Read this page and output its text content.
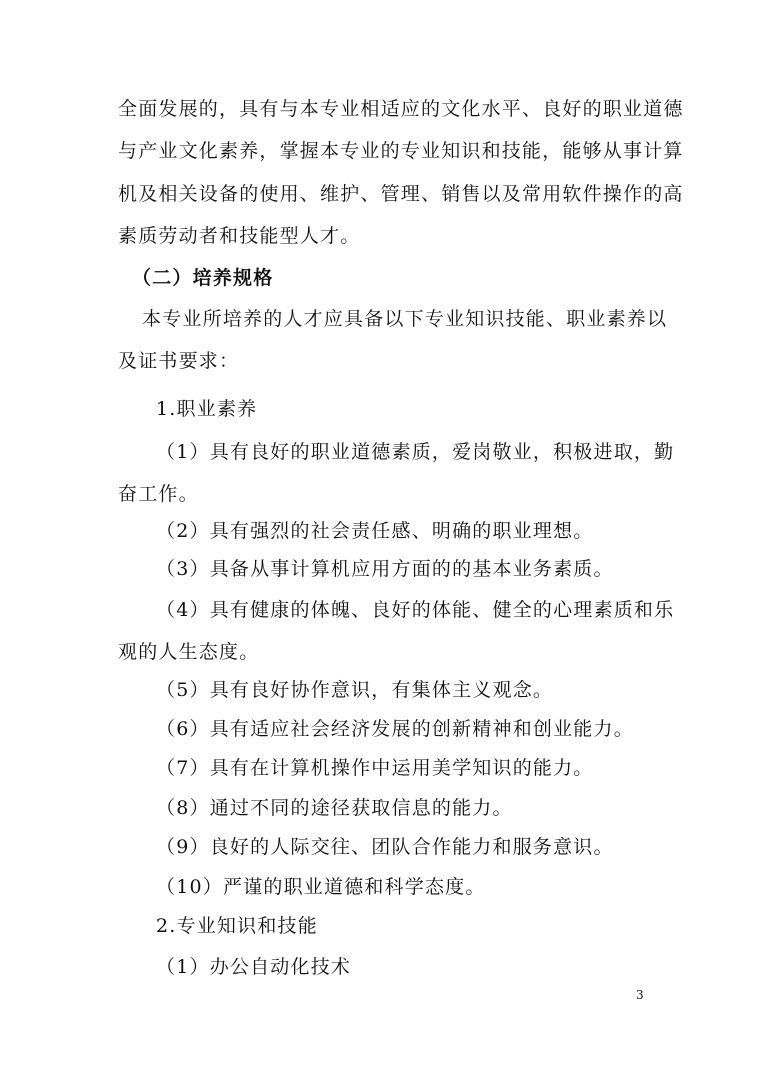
全面发展的，具有与本专业相适应的文化水平、良好的职业道德
与产业文化素养，掌握本专业的专业知识和技能，能够从事计算
机及相关设备的使用、维护、管理、销售以及常用软件操作的高
素质劳动者和技能型人才。
（二）培养规格
本专业所培养的人才应具备以下专业知识技能、职业素养以
及证书要求：
1.职业素养
（1）具有良好的职业道德素质，爱岗敬业，积极进取，勤
奋工作。
（2）具有强烈的社会责任感、明确的职业理想。
（3）具备从事计算机应用方面的的基本业务素质。
（4）具有健康的体魄、良好的体能、健全的心理素质和乐
观的人生态度。
（5）具有良好协作意识，有集体主义观念。
（6）具有适应社会经济发展的创新精神和创业能力。
（7）具有在计算机操作中运用美学知识的能力。
（8）通过不同的途径获取信息的能力。
（9）良好的人际交往、团队合作能力和服务意识。
（10）严谨的职业道德和科学态度。
2.专业知识和技能
（1）办公自动化技术
3
